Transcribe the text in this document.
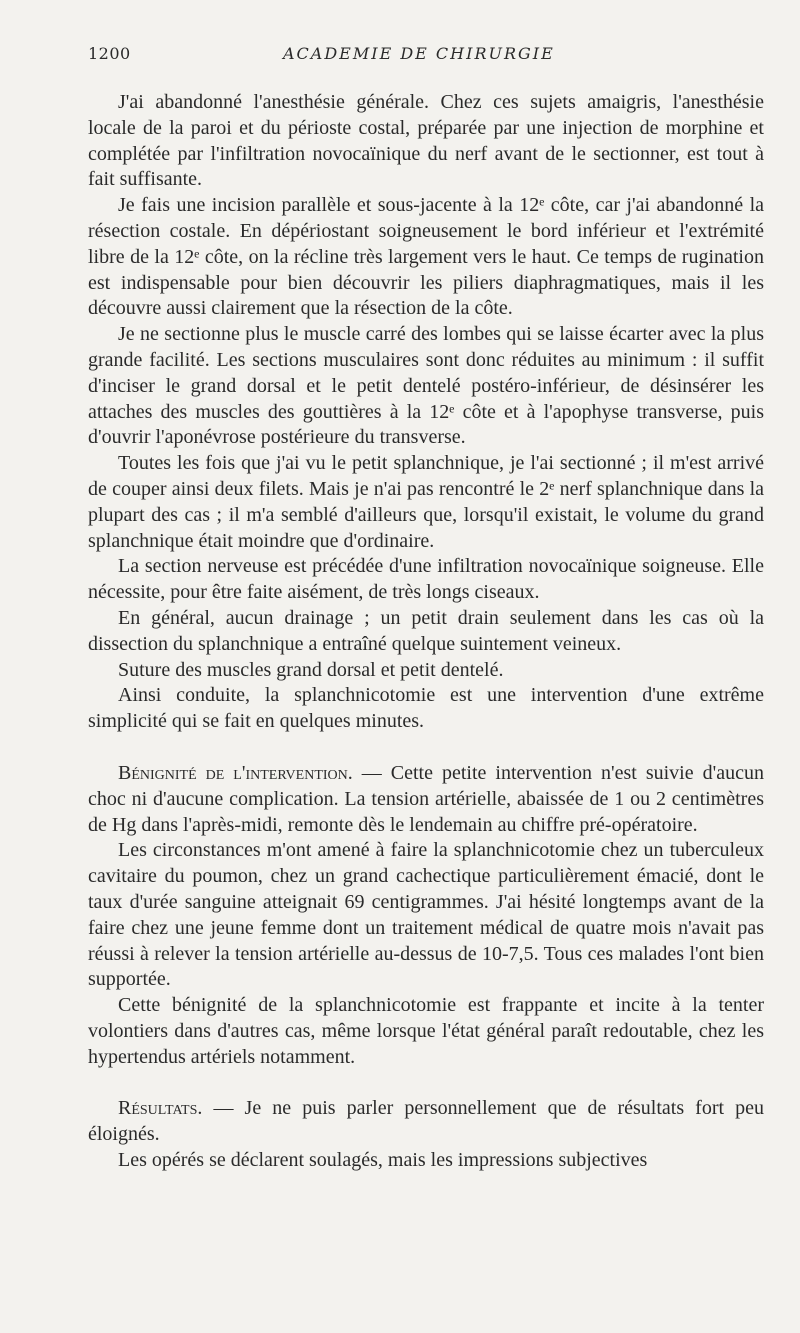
1200	ACADEMIE DE CHIRURGIE

J'ai abandonné l'anesthésie générale. Chez ces sujets amaigris, l'anesthésie locale de la paroi et du périoste costal, préparée par une injection de morphine et complétée par l'infiltration novocaïnique du nerf avant de le sectionner, est tout à fait suffisante.

Je fais une incision parallèle et sous-jacente à la 12ᵉ côte, car j'ai abandonné la résection costale. En dépériostant soigneusement le bord inférieur et l'extrémité libre de la 12ᵉ côte, on la récline très largement vers le haut. Ce temps de rugination est indispensable pour bien découvrir les piliers diaphragmatiques, mais il les découvre aussi clairement que la résection de la côte.

Je ne sectionne plus le muscle carré des lombes qui se laisse écarter avec la plus grande facilité. Les sections musculaires sont donc réduites au minimum : il suffit d'inciser le grand dorsal et le petit dentelé postéro-inférieur, de désinsérer les attaches des muscles des gouttières à la 12ᵉ côte et à l'apophyse transverse, puis d'ouvrir l'aponévrose postérieure du transverse.

Toutes les fois que j'ai vu le petit splanchnique, je l'ai sectionné ; il m'est arrivé de couper ainsi deux filets. Mais je n'ai pas rencontré le 2ᵉ nerf splanchnique dans la plupart des cas ; il m'a semblé d'ailleurs que, lorsqu'il existait, le volume du grand splanchnique était moindre que d'ordinaire.

La section nerveuse est précédée d'une infiltration novocaïnique soigneuse. Elle nécessite, pour être faite aisément, de très longs ciseaux.

En général, aucun drainage ; un petit drain seulement dans les cas où la dissection du splanchnique a entraîné quelque suintement veineux.

Suture des muscles grand dorsal et petit dentelé.

Ainsi conduite, la splanchnicotomie est une intervention d'une extrême simplicité qui se fait en quelques minutes.

Bénignité de l'intervention. — Cette petite intervention n'est suivie d'aucun choc ni d'aucune complication. La tension artérielle, abaissée de 1 ou 2 centimètres de Hg dans l'après-midi, remonte dès le lendemain au chiffre pré-opératoire.

Les circonstances m'ont amené à faire la splanchnicotomie chez un tuberculeux cavitaire du poumon, chez un grand cachectique particulièrement émacié, dont le taux d'urée sanguine atteignait 69 centigrammes. J'ai hésité longtemps avant de la faire chez une jeune femme dont un traitement médical de quatre mois n'avait pas réussi à relever la tension artérielle au-dessus de 10-7,5. Tous ces malades l'ont bien supportée.

Cette bénignité de la splanchnicotomie est frappante et incite à la tenter volontiers dans d'autres cas, même lorsque l'état général paraît redoutable, chez les hypertendus artériels notamment.

Résultats. — Je ne puis parler personnellement que de résultats fort peu éloignés.

Les opérés se déclarent soulagés, mais les impressions subjectives
